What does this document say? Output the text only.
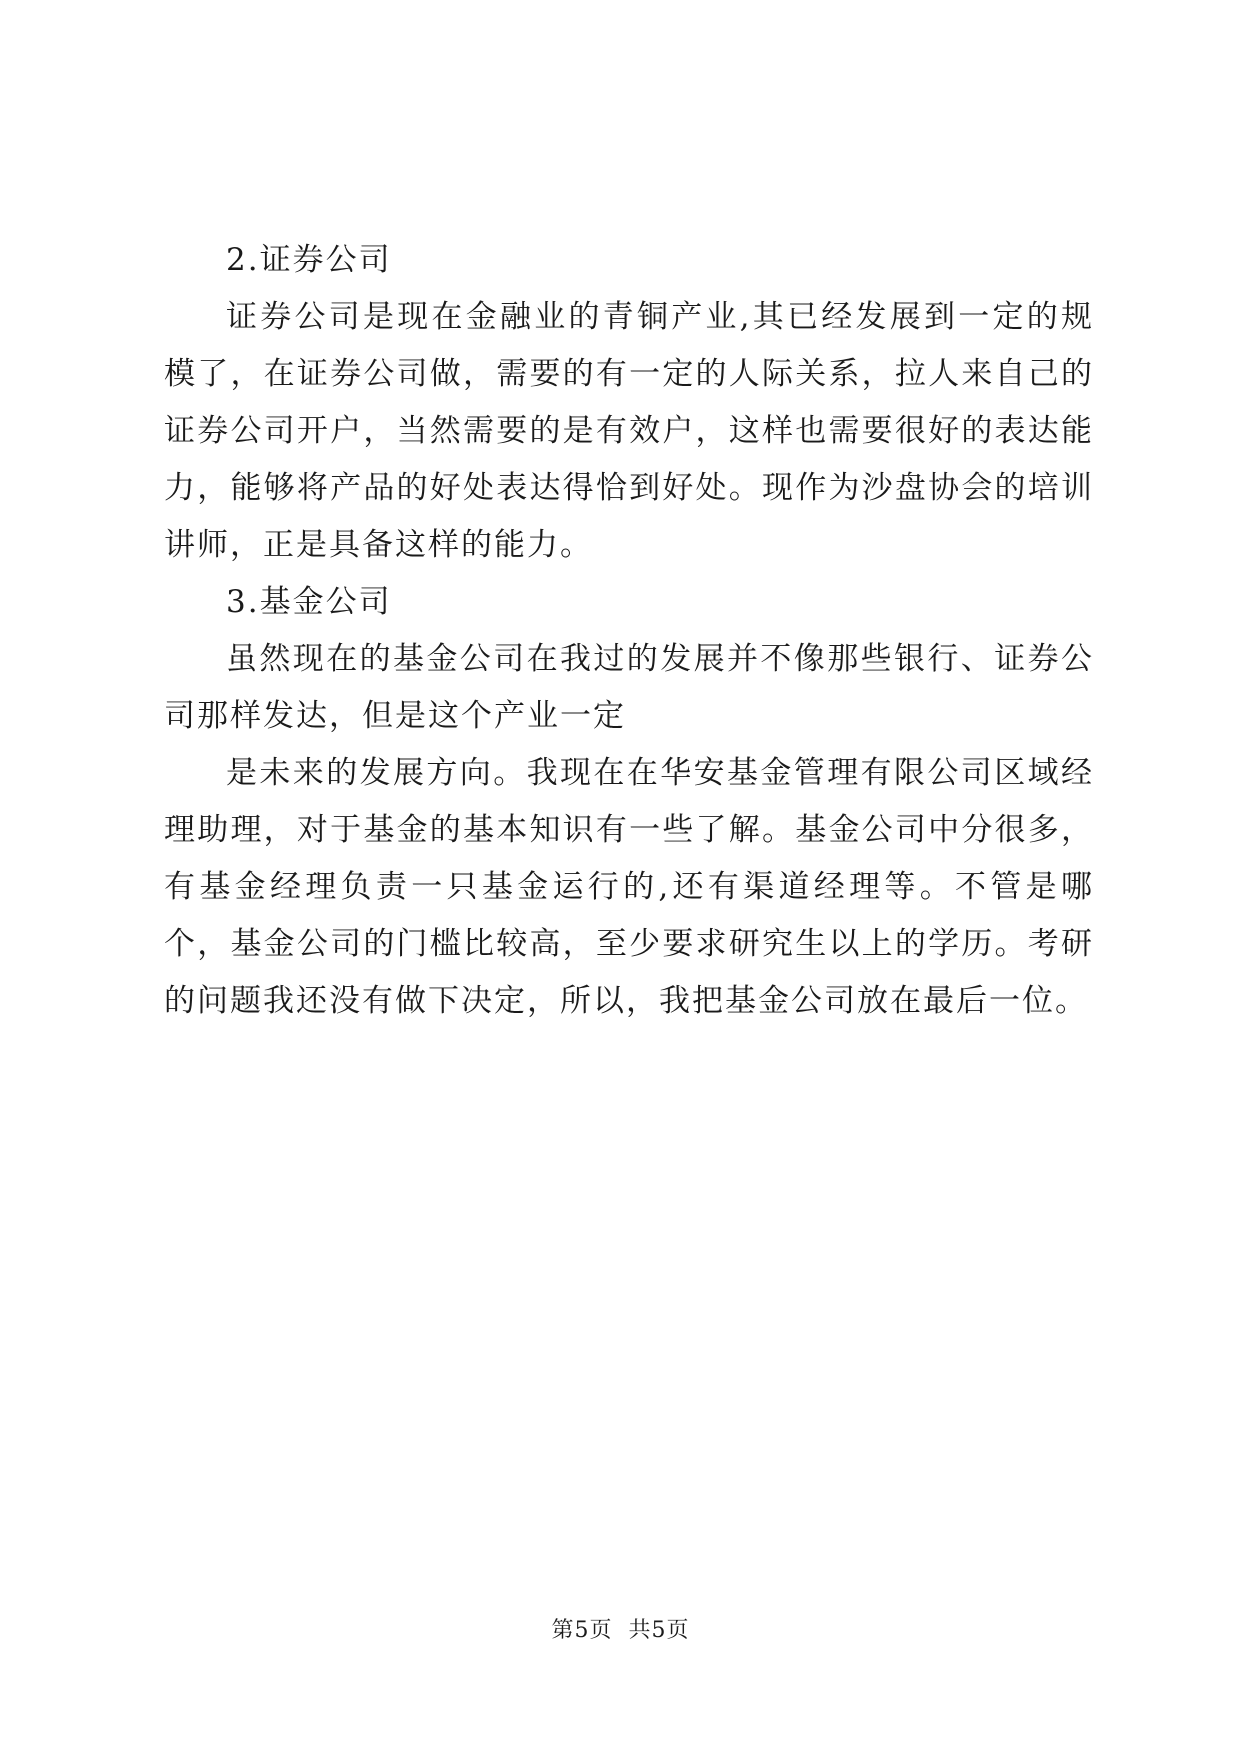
2.证券公司

证券公司是现在金融业的青铜产业,其已经发展到一定的规模了，在证券公司做，需要的有一定的人际关系，拉人来自己的证券公司开户，当然需要的是有效户，这样也需要很好的表达能力，能够将产品的好处表达得恰到好处。现作为沙盘协会的培训讲师，正是具备这样的能力。

3.基金公司

虽然现在的基金公司在我过的发展并不像那些银行、证券公司那样发达，但是这个产业一定

是未来的发展方向。我现在在华安基金管理有限公司区域经理助理，对于基金的基本知识有一些了解。基金公司中分很多，有基金经理负责一只基金运行的,还有渠道经理等。不管是哪个，基金公司的门槛比较高，至少要求研究生以上的学历。考研的问题我还没有做下决定，所以，我把基金公司放在最后一位。

第5页 共5页
